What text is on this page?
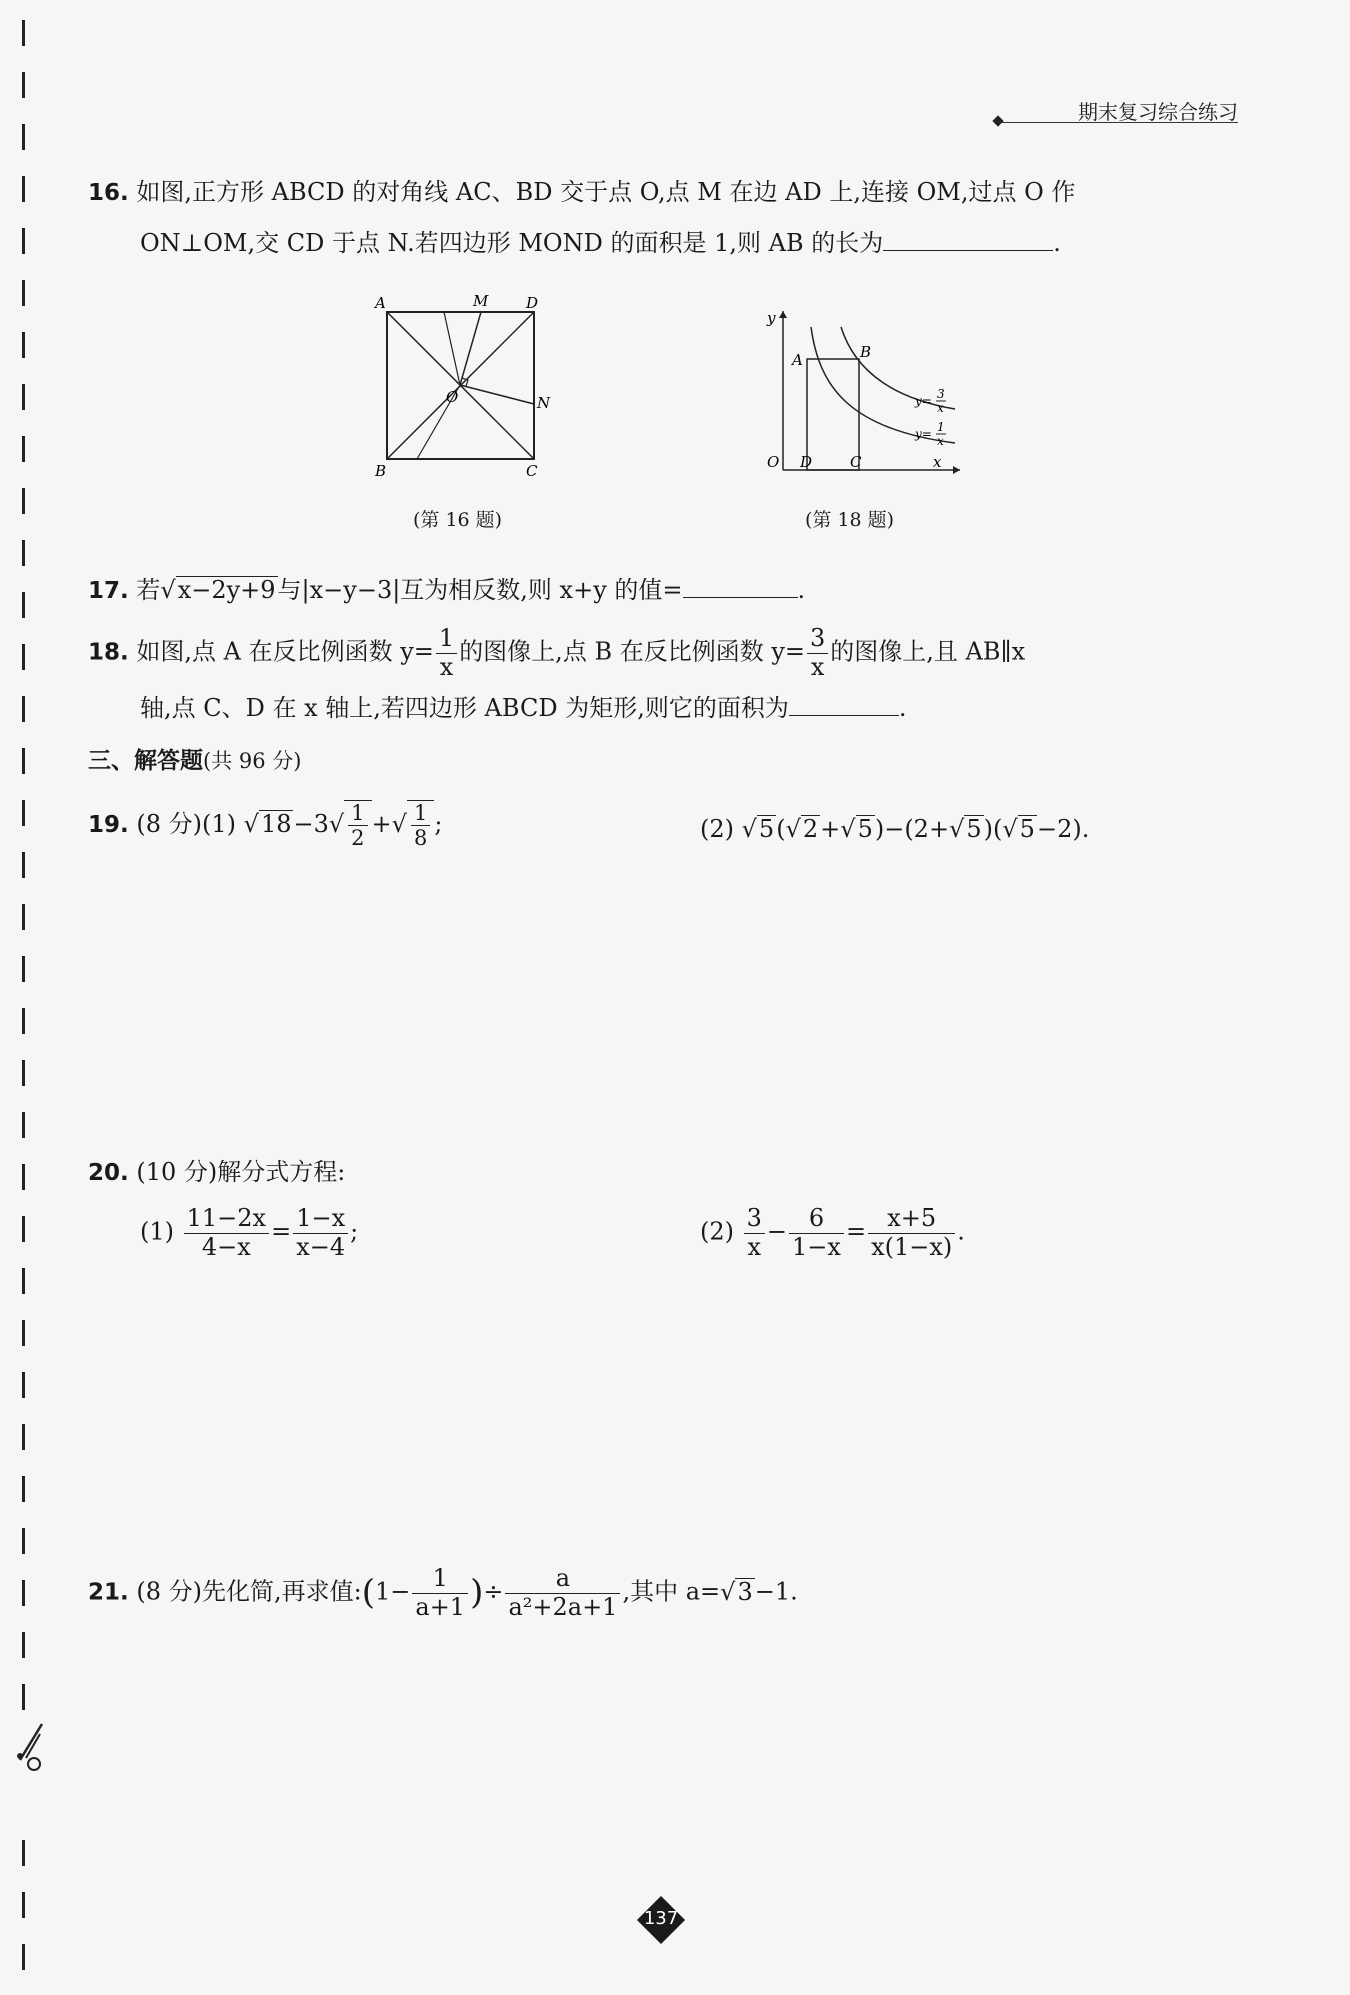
期末复习综合练习
16. 如图,正方形 ABCD 的对角线 AC、BD 交于点 O,点 M 在边 AD 上,连接 OM,过点 O 作
ON⊥OM,交 CD 于点 N.若四边形 MOND 的面积是 1,则 AB 的长为	.
A	M	D
O	N
B	C
(第 16 题)
y
A	B
O D	C	x
y= 3
x
y= 1
x
(第 18 题)
17. 若√x−2y+9与|x−y−3|互为相反数,则 x+y 的值=	.
18. 如图,点 A 在反比例函数 $y= \frac{1}{x}$ 的图像上,点 B 在反比例函数 $y= \frac{3}{x}$ 的图像上,且 AB∥x
轴,点 C、D 在 x 轴上,若四边形 ABCD 为矩形,则它的面积为	.
三、解答题(共 96 分)
19. (8 分)(1) $√18-3√ \frac{1}{2}$ +√ $\frac{1}{8}$ ;	(2) √5(√2+√5)−(2+√5)(√5−2).
20. (10 分)解分式方程:
$(1) \frac{11-2x}{4-x} = \frac{1-x}{x-4}$ ;	$(2) \frac{3}{x} - \frac{6}{1-x} = \frac{x+5}{x(1-x)}$ .
21. (8 分)先化简,再求值:(1− $\frac{1}{a+1}$ )÷ $\frac{a}{\text{a²+2a+1}}$ ,其中 a=√3−1.
137
